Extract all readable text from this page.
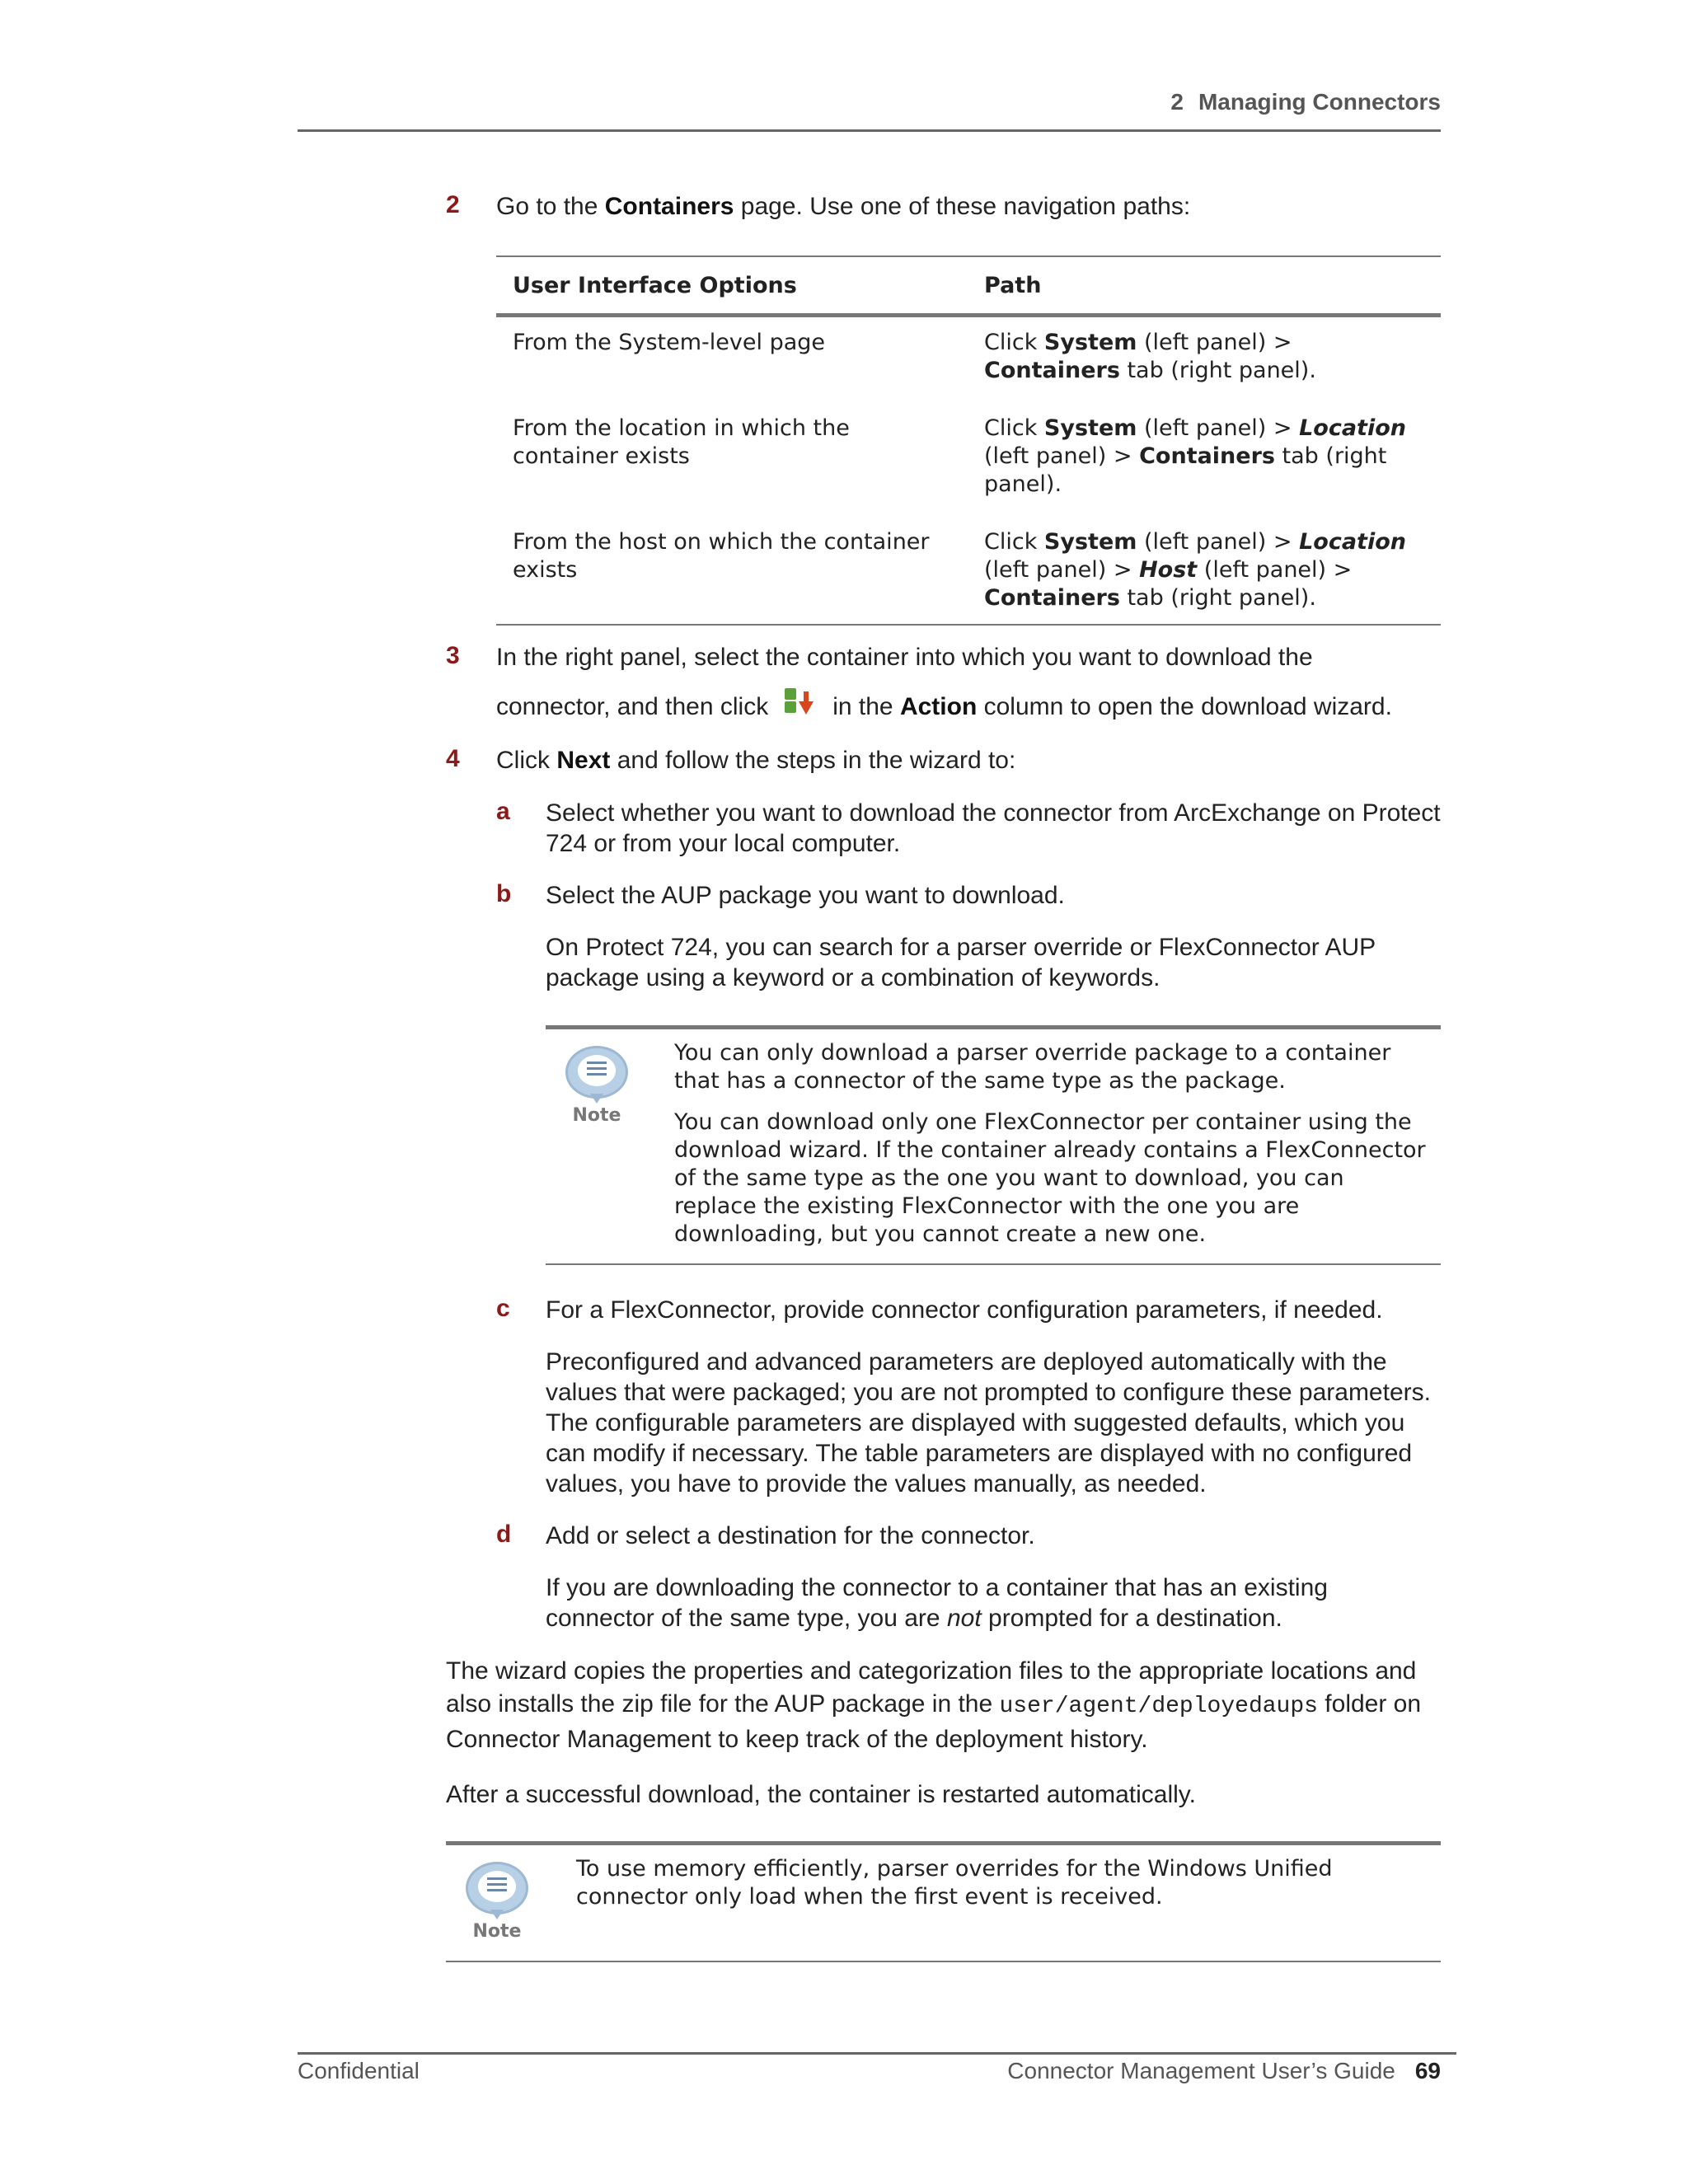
2 Managing Connectors
2 Go to the Containers page. Use one of these navigation paths:
User Interface Options	Path
From the System-level page	Click System (left panel) >
Containers tab (right panel).
From the location in which the container exists	Click System (left panel) > Location
(left panel) > Containers tab (right panel).
From the host on which the container exists	Click System (left panel) > Location
(left panel) > Host (left panel) >
Containers tab (right panel).
3 In the right panel, select the container into which you want to download the
connector, and then click	in the Action column to open the download wizard.
4 Click Next and follow the steps in the wizard to:
a Select whether you want to download the connector from ArcExchange on Protect 724 or from your local computer.
b Select the AUP package you want to download.
On Protect 724, you can search for a parser override or FlexConnector AUP package using a keyword or a combination of keywords.
Note

You can only download a parser override package to a container that has a connector of the same type as the package.

You can download only one FlexConnector per container using the download wizard. If the container already contains a FlexConnector of the same type as the one you want to download, you can replace the existing FlexConnector with the one you are downloading, but you cannot create a new one.

c For a FlexConnector, provide connector configuration parameters, if needed.
Preconfigured and advanced parameters are deployed automatically with the values that were packaged; you are not prompted to configure these parameters. The configurable parameters are displayed with suggested defaults, which you can modify if necessary. The table parameters are displayed with no configured values, you have to provide the values manually, as needed.
d Add or select a destination for the connector.
If you are downloading the connector to a container that has an existing connector of the same type, you are not prompted for a destination.
The wizard copies the properties and categorization files to the appropriate locations and also installs the zip file for the AUP package in the user/agent/deployedaups folder on Connector Management to keep track of the deployment history.
After a successful download, the container is restarted automatically.
Note
To use memory efficiently, parser overrides for the Windows Unified connector only load when the first event is received.
Confidential	Connector Management User’s Guide 69
